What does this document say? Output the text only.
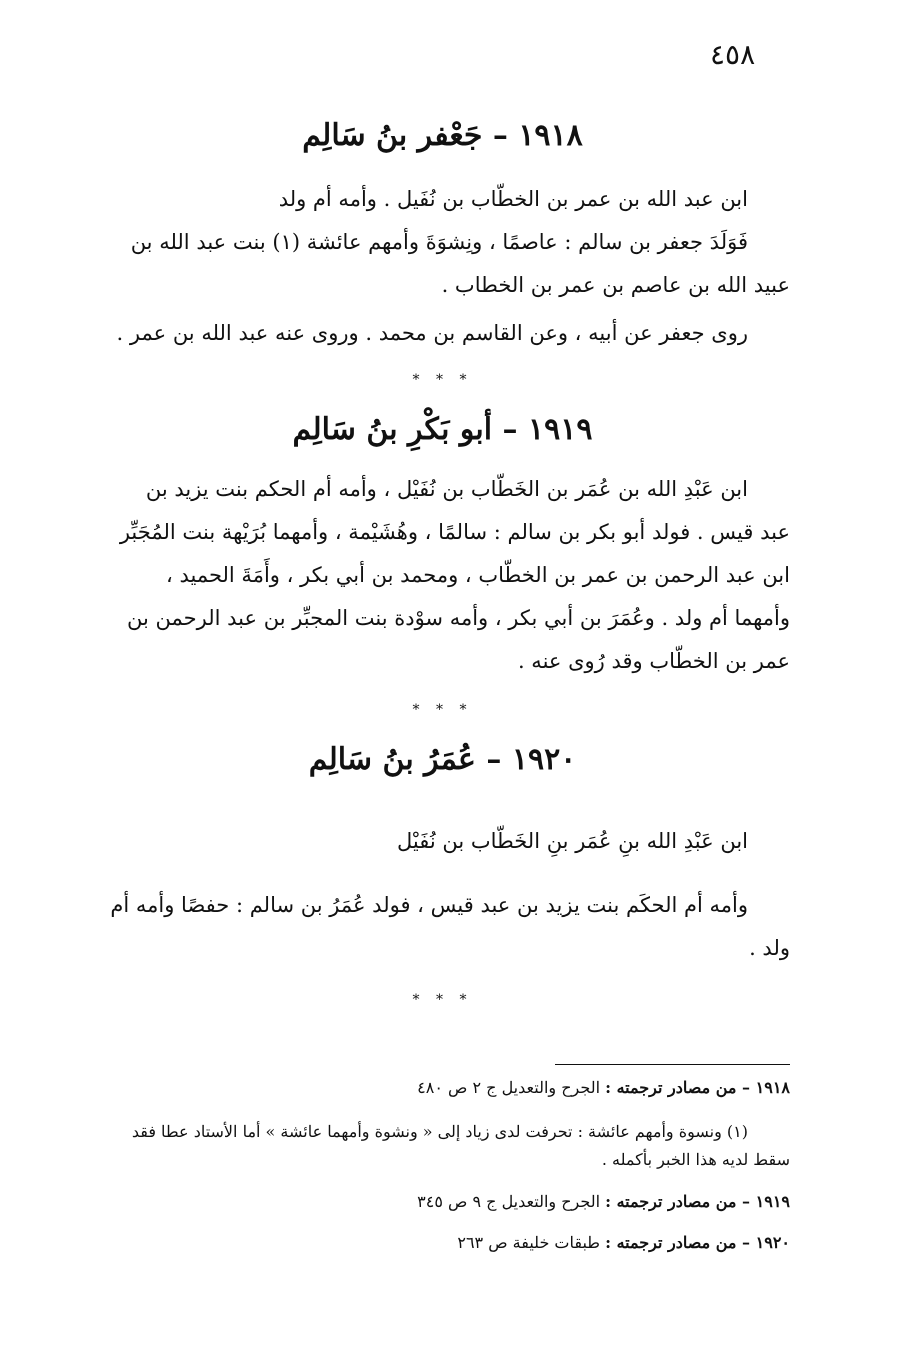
٤٥٨
١٩١٨ – جَعْفر بنُ سَالِم
ابن عبد الله بن عمر بن الخطّاب بن نُفَيل . وأمه أم ولد
فَوَلَدَ جعفر بن سالم : عاصمًا ، ونِشوَةَ وأمهم عائشة (١) بنت عبد الله بن
عبيد الله بن عاصم بن عمر بن الخطاب .
روى جعفر عن أبيه ، وعن القاسم بن محمد . وروى عنه عبد الله بن عمر .
* * *
١٩١٩ – أبو بَكْرِ بنُ سَالِم
ابن عَبْدِ الله بن عُمَر بن الخَطّاب بن نُفَيْل ، وأمه أم الحكم بنت يزيد بن
عبد قيس . فولد أبو بكر بن سالم : سالمًا ، وهُشَيْمة ، وأمهما بُرَيْهة بنت المُجَبِّر
ابن عبد الرحمن بن عمر بن الخطّاب ، ومحمد بن أبي بكر ، وأَمَةَ الحميد ،
وأمهما أم ولد . وعُمَرَ بن أبي بكر ، وأمه سوْدة بنت المجبِّر بن عبد الرحمن بن
عمر بن الخطّاب وقد رُوى عنه .
* * *
١٩٢٠ – عُمَرُ بنُ سَالِم
ابن عَبْدِ الله بنِ عُمَر بنِ الخَطّاب بن نُفَيْل
وأمه أم الحكَم بنت يزيد بن عبد قيس ، فولد عُمَرُ بن سالم : حفصًا وأمه أم
ولد .
* * *
١٩١٨ – من مصادر ترجمته : الجرح والتعديل ج ٢ ص ٤٨٠
(١) ونسوة وأمهم عائشة : تحرفت لدى زياد إلى « ونشوة وأمهما عائشة » أما الأستاد عطا فقد
سقط لديه هذا الخبر بأكمله .
١٩١٩ – من مصادر ترجمته : الجرح والتعديل ج ٩ ص ٣٤٥
١٩٢٠ – من مصادر ترجمته : طبقات خليفة ص ٢٦٣
